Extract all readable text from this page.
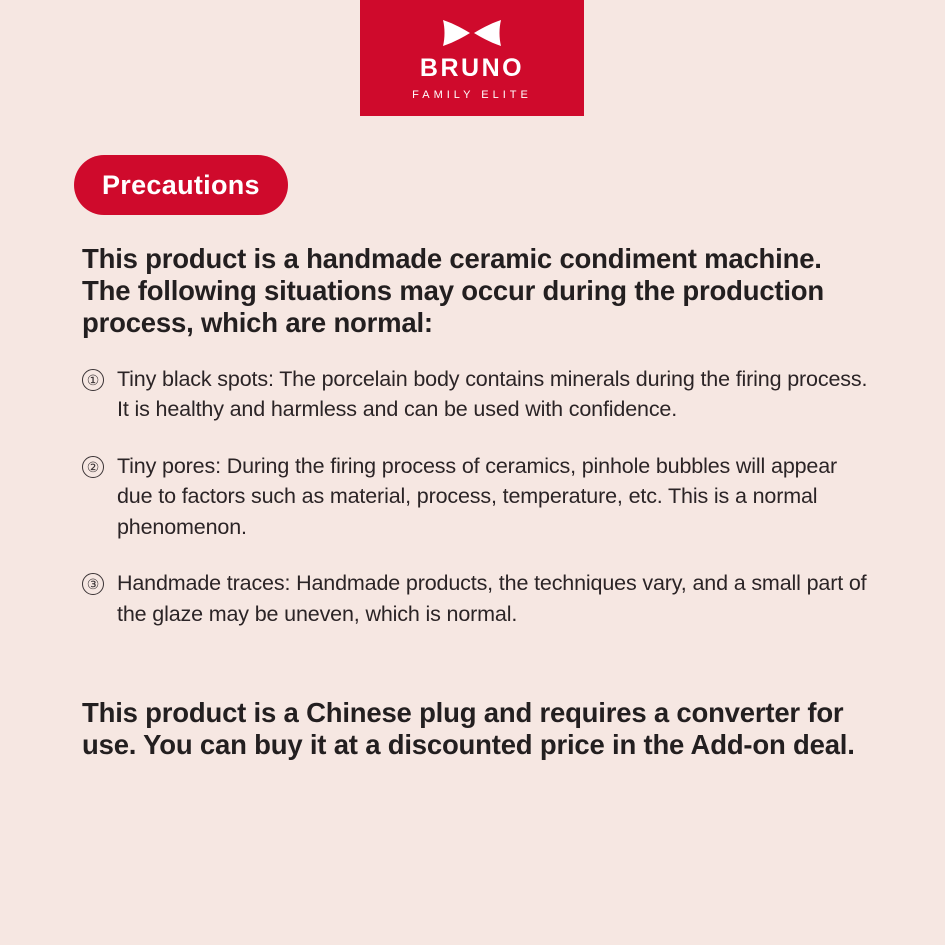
BRUNO
FAMILY ELITE
Precautions

This product is a handmade ceramic condiment machine. The following situations may occur during the production process, which are normal:

① Tiny black spots: The porcelain body contains minerals during the firing process. It is healthy and harmless and can be used with confidence.
② Tiny pores: During the firing process of ceramics, pinhole bubbles will appear due to factors such as material, process, temperature, etc. This is a normal phenomenon.
③ Handmade traces: Handmade products, the techniques vary, and a small part of the glaze may be uneven, which is normal.

This product is a Chinese plug and requires a converter for use. You can buy it at a discounted price in the Add-on deal.
